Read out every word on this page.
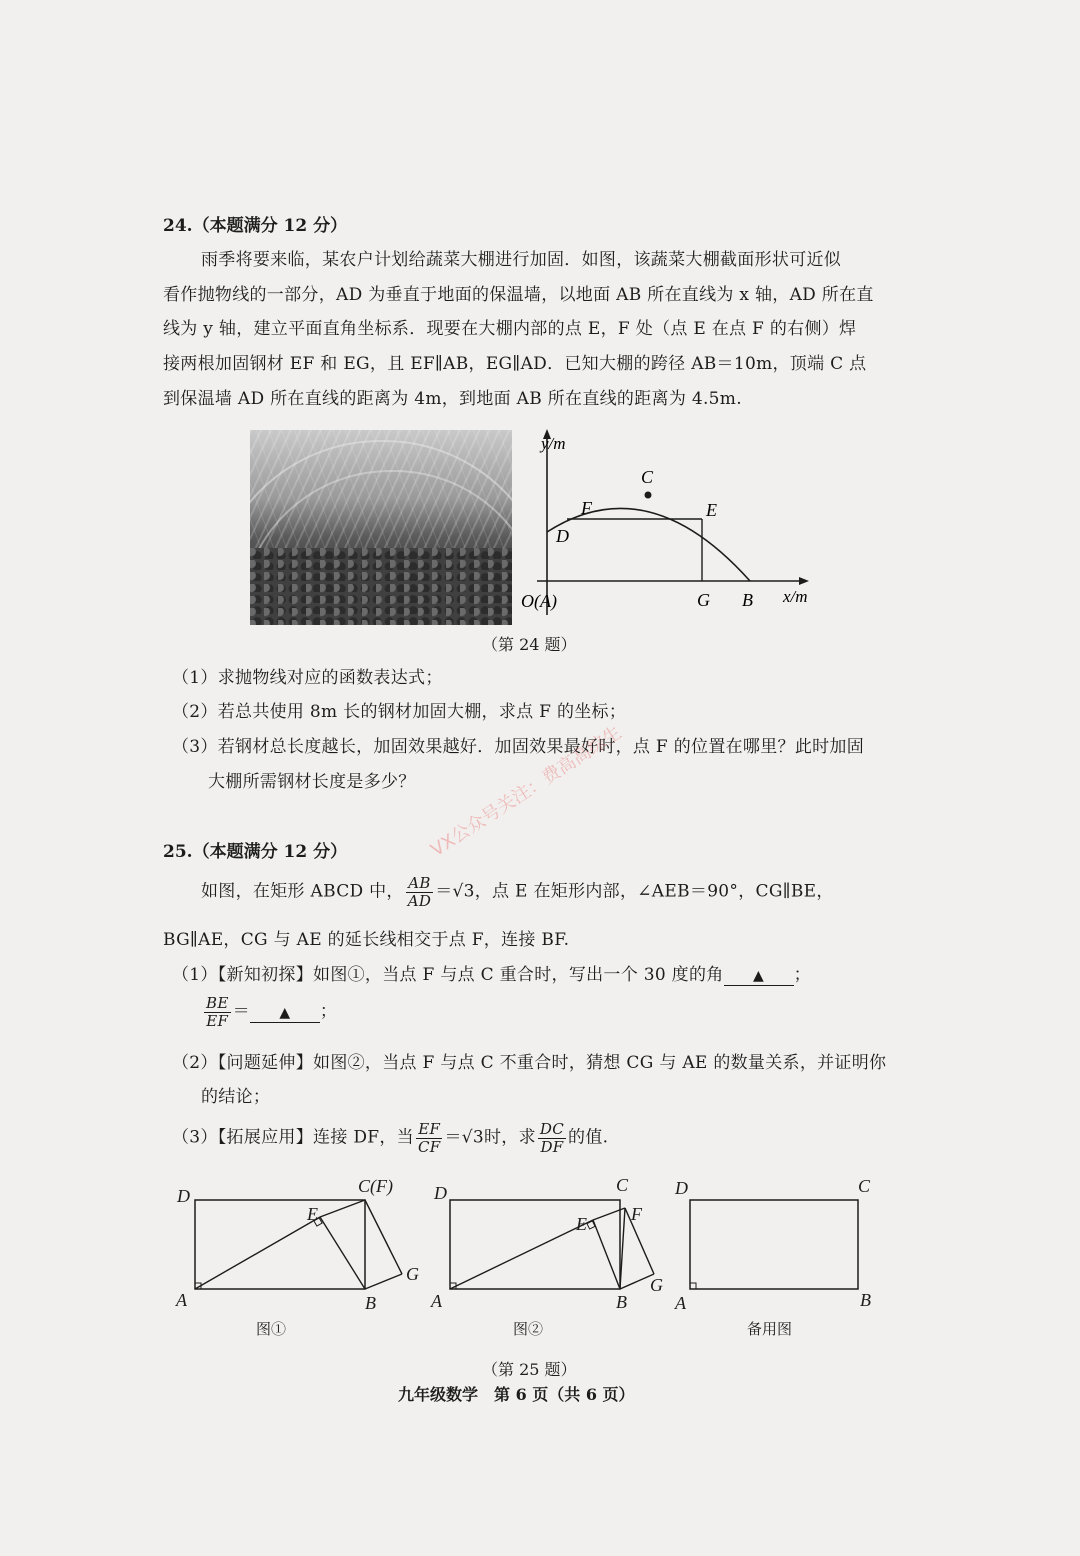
24.（本题满分 12 分）
雨季将要来临，某农户计划给蔬菜大棚进行加固．如图，该蔬菜大棚截面形状可近似
看作抛物线的一部分，AD 为垂直于地面的保温墙，以地面 AB 所在直线为 x 轴，AD 所在直
线为 y 轴，建立平面直角坐标系．现要在大棚内部的点 E，F 处（点 E 在点 F 的右侧）焊
接两根加固钢材 EF 和 EG，且 EF∥AB，EG∥AD．已知大棚的跨径 AB＝10m，顶端 C 点
到保温墙 AD 所在直线的距离为 4m，到地面 AB 所在直线的距离为 4.5m.
y/m
x/m
O(A)
C
F	E
D
G B
（第 24 题）
（1）求抛物线对应的函数表达式；
（2）若总共使用 8m 长的钢材加固大棚，求点 F 的坐标；
（3）若钢材总长度越长，加固效果越好．加固效果最好时，点 F 的位置在哪里？此时加固
大棚所需钢材长度是多少？ VX公众号关注：费高高综生
25.（本题满分 12 分）
如图，在矩形 ABCD 中， $\frac{AB}{AD} =√3$，点 E 在矩形内部，∠AEB＝90°，CG∥BE，
BG∥AE，CG 与 AE 的延长线相交于点 F，连接 BF.
（1）【新知初探】如图①，当点 F 与点 C 重合时，写出一个 30 度的角 ▲ ；
$\frac{BE}{EF}$ ＝ ▲ ；
（2）【问题延伸】如图②，当点 F 与点 C 不重合时，猜想 CG 与 AE 的数量关系，并证明你
的结论；
（3）【拓展应用】连接 DF，当 $\frac{EF}{CF} =√3$时，求 $\frac{DC}{DF}$ 的值.
D	C(F)
E
G
A	B
D	C
F
E
G
A	B
D	C
A	B
图①	图②	备用图
（第 25 题）
九年级数学　第 6 页（共 6 页）
